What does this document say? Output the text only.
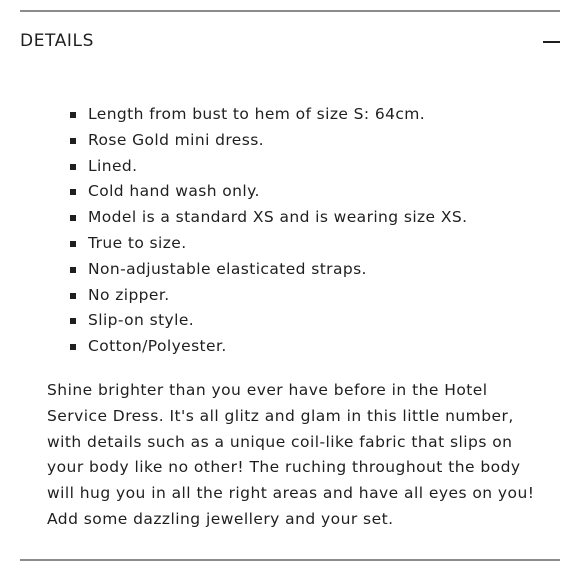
DETAILS
Length from bust to hem of size S: 64cm.
Rose Gold mini dress.
Lined.
Cold hand wash only.
Model is a standard XS and is wearing size XS.
True to size.
Non-adjustable elasticated straps.
No zipper.
Slip-on style.
Cotton/Polyester.

Shine brighter than you ever have before in the Hotel Service Dress. It's all glitz and glam in this little number, with details such as a unique coil-like fabric that slips on your body like no other! The ruching throughout the body will hug you in all the right areas and have all eyes on you! Add some dazzling jewellery and your set.
